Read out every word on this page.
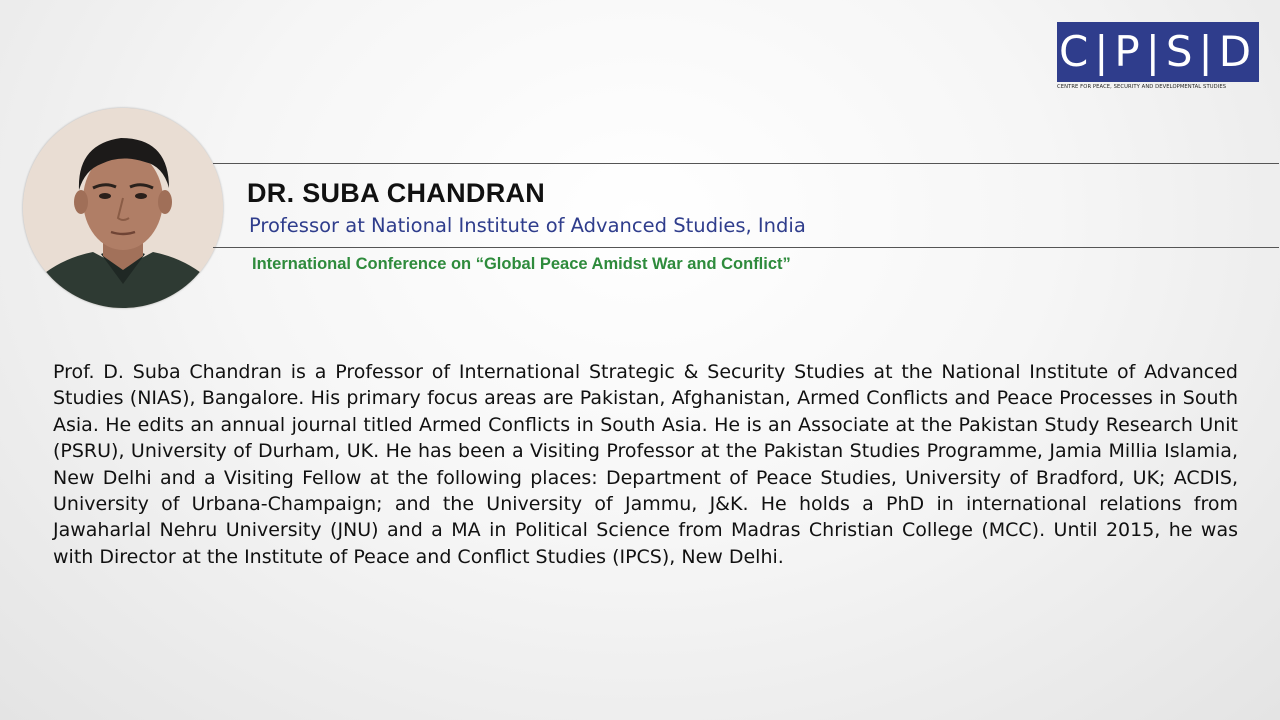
C|P|S|D
CENTRE FOR PEACE, SECURITY AND DEVELOPMENTAL STUDIES
DR. SUBA CHANDRAN

Professor at National Institute of Advanced Studies, India

International Conference on “Global Peace Amidst War and Conflict”

Prof. D. Suba Chandran is a Professor of International Strategic & Security Studies at the National Institute of Advanced Studies (NIAS), Bangalore. His primary focus areas are Pakistan, Afghanistan, Armed Conflicts and Peace Processes in South Asia. He edits an annual journal titled Armed Conflicts in South Asia. He is an Associate at the Pakistan Study Research Unit (PSRU), University of Durham, UK. He has been a Visiting Professor at the Pakistan Studies Programme, Jamia Millia Islamia, New Delhi and a Visiting Fellow at the following places: Department of Peace Studies, University of Bradford, UK; ACDIS, University of Urbana-Champaign; and the University of Jammu, J&K. He holds a PhD in international relations from Jawaharlal Nehru University (JNU) and a MA in Political Science from Madras Christian College (MCC). Until 2015, he was with Director at the Institute of Peace and Conflict Studies (IPCS), New Delhi.
